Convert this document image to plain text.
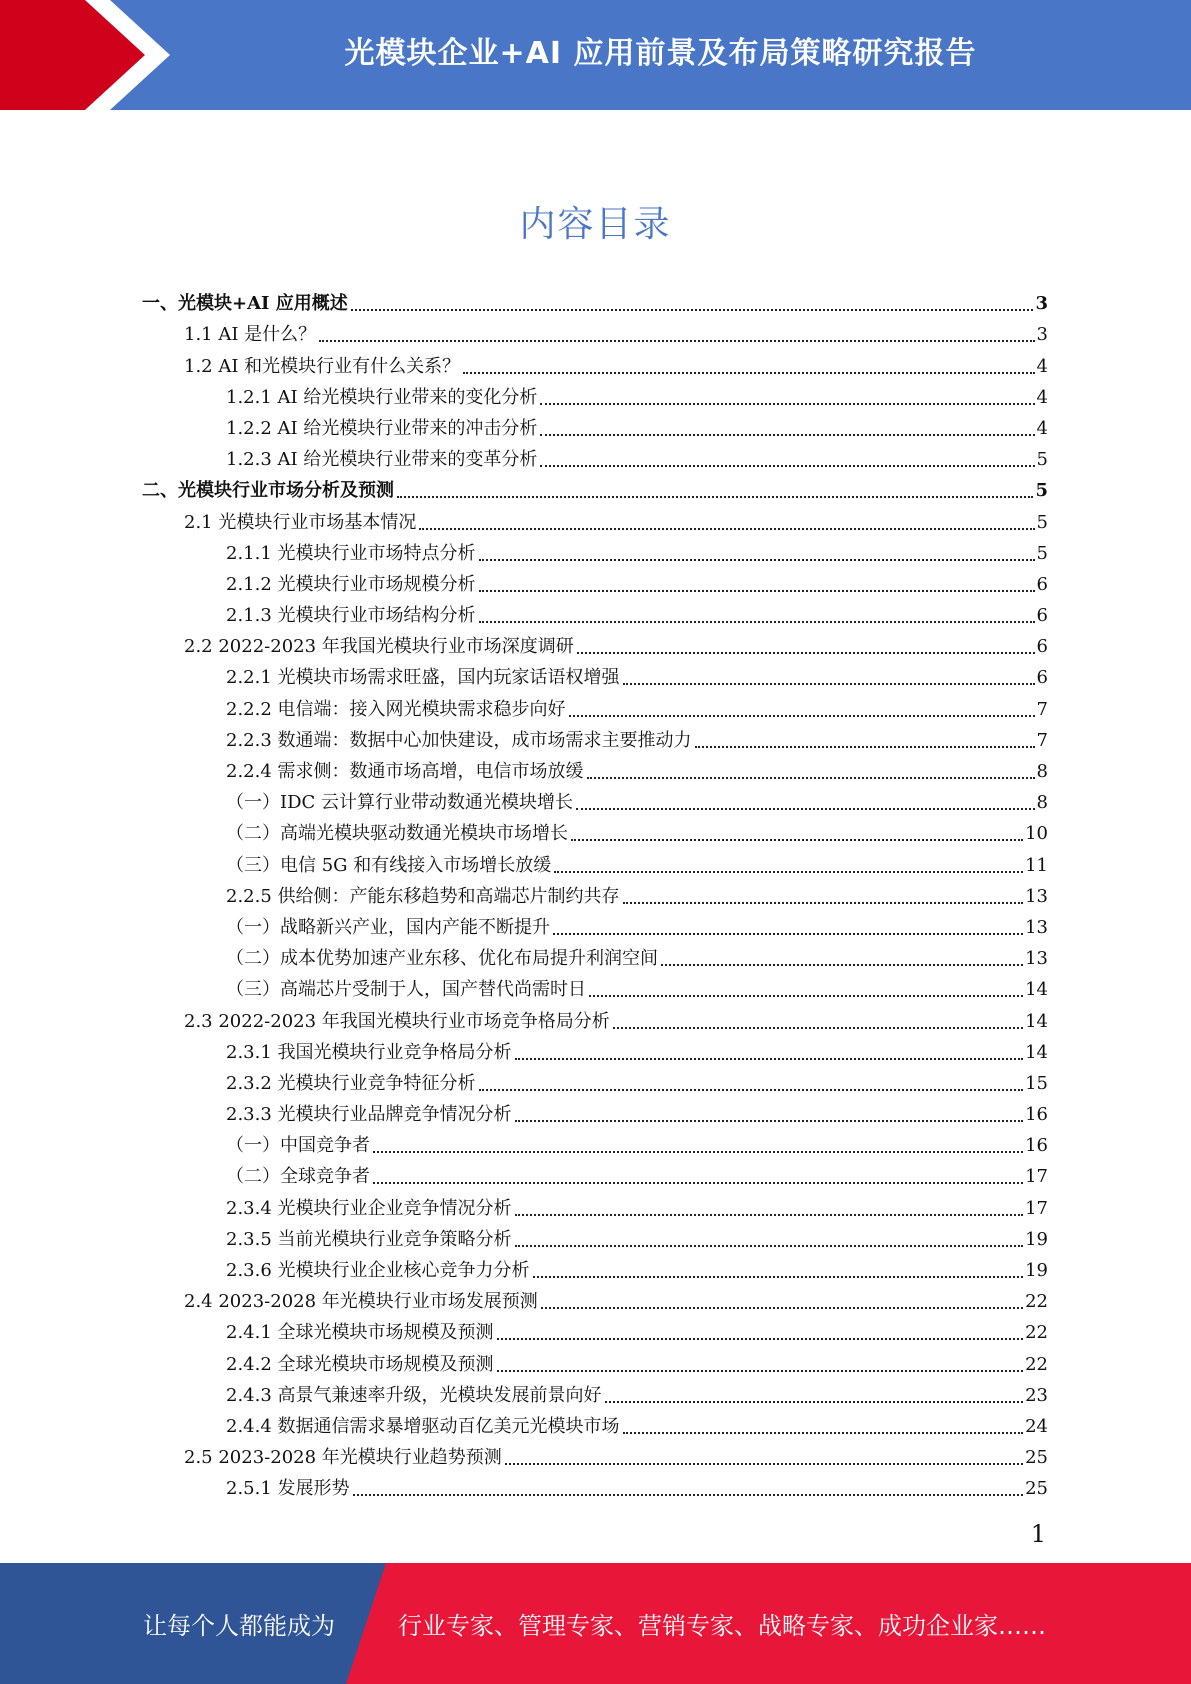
光模块企业+AI 应用前景及布局策略研究报告
内容目录
一、光模块+AI 应用概述	3
1.1 AI 是什么？	3
1.2 AI 和光模块行业有什么关系？	4
1.2.1 AI 给光模块行业带来的变化分析	4
1.2.2 AI 给光模块行业带来的冲击分析	4
1.2.3 AI 给光模块行业带来的变革分析	5
二、光模块行业市场分析及预测	5
2.1 光模块行业市场基本情况	5
2.1.1 光模块行业市场特点分析	5
2.1.2 光模块行业市场规模分析	6
2.1.3 光模块行业市场结构分析	6
2.2 2022-2023 年我国光模块行业市场深度调研	6
2.2.1 光模块市场需求旺盛，国内玩家话语权增强	6
2.2.2 电信端：接入网光模块需求稳步向好	7
2.2.3 数通端：数据中心加快建设，成市场需求主要推动力	7
2.2.4 需求侧：数通市场高增，电信市场放缓	8
（一）IDC 云计算行业带动数通光模块增长	8
（二）高端光模块驱动数通光模块市场增长	10
（三）电信 5G 和有线接入市场增长放缓	11
2.2.5 供给侧：产能东移趋势和高端芯片制约共存	13
（一）战略新兴产业，国内产能不断提升	13
（二）成本优势加速产业东移、优化布局提升利润空间	13
（三）高端芯片受制于人，国产替代尚需时日	14
2.3 2022-2023 年我国光模块行业市场竞争格局分析	14
2.3.1 我国光模块行业竞争格局分析	14
2.3.2 光模块行业竞争特征分析	15
2.3.3 光模块行业品牌竞争情况分析	16
（一）中国竞争者	16
（二）全球竞争者	17
2.3.4 光模块行业企业竞争情况分析	17
2.3.5 当前光模块行业竞争策略分析	19
2.3.6 光模块行业企业核心竞争力分析	19
2.4 2023-2028 年光模块行业市场发展预测	22
2.4.1 全球光模块市场规模及预测	22
2.4.2 全球光模块市场规模及预测	22
2.4.3 高景气兼速率升级，光模块发展前景向好	23
2.4.4 数据通信需求暴增驱动百亿美元光模块市场	24
2.5 2023-2028 年光模块行业趋势预测	25
2.5.1 发展形势	25
1
让每个人都能成为	行业专家、管理专家、营销专家、战略专家、成功企业家……
